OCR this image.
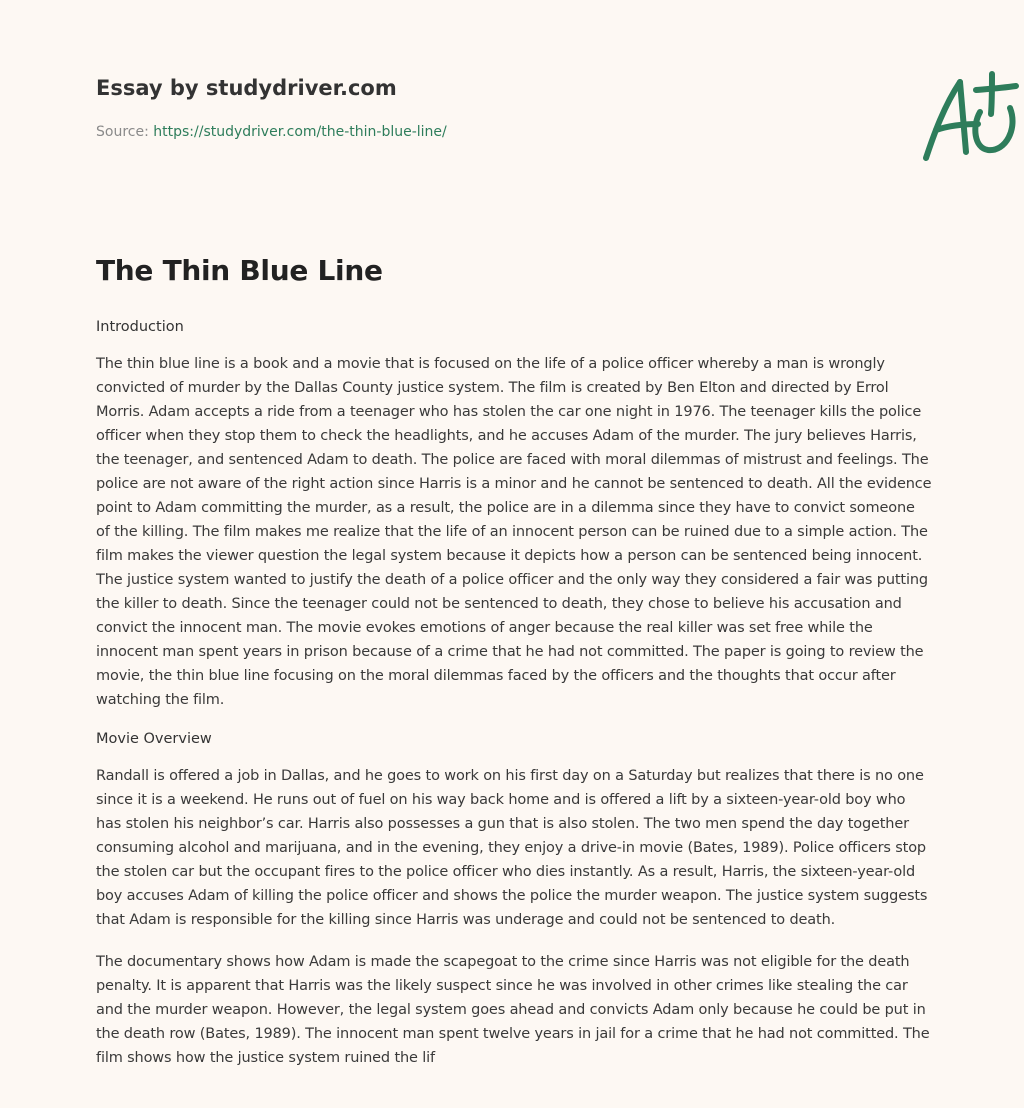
Essay by studydriver.com
Source: https://studydriver.com/the-thin-blue-line/
The Thin Blue Line

Introduction

The thin blue line is a book and a movie that is focused on the life of a police officer whereby a man is wrongly convicted of murder by the Dallas County justice system. The film is created by Ben Elton and directed by Errol Morris. Adam accepts a ride from a teenager who has stolen the car one night in 1976. The teenager kills the police officer when they stop them to check the headlights, and he accuses Adam of the murder. The jury believes Harris, the teenager, and sentenced Adam to death. The police are faced with moral dilemmas of mistrust and feelings. The police are not aware of the right action since Harris is a minor and he cannot be sentenced to death. All the evidence point to Adam committing the murder, as a result, the police are in a dilemma since they have to convict someone of the killing. The film makes me realize that the life of an innocent person can be ruined due to a simple action. The film makes the viewer question the legal system because it depicts how a person can be sentenced being innocent. The justice system wanted to justify the death of a police officer and the only way they considered a fair was putting the killer to death. Since the teenager could not be sentenced to death, they chose to believe his accusation and convict the innocent man. The movie evokes emotions of anger because the real killer was set free while the innocent man spent years in prison because of a crime that he had not committed. The paper is going to review the movie, the thin blue line focusing on the moral dilemmas faced by the officers and the thoughts that occur after watching the film.

Movie Overview

Randall is offered a job in Dallas, and he goes to work on his first day on a Saturday but realizes that there is no one since it is a weekend. He runs out of fuel on his way back home and is offered a lift by a sixteen-year-old boy who has stolen his neighbor’s car. Harris also possesses a gun that is also stolen. The two men spend the day together consuming alcohol and marijuana, and in the evening, they enjoy a drive-in movie (Bates, 1989). Police officers stop the stolen car but the occupant fires to the police officer who dies instantly. As a result, Harris, the sixteen-year-old boy accuses Adam of killing the police officer and shows the police the murder weapon. The justice system suggests that Adam is responsible for the killing since Harris was underage and could not be sentenced to death.

The documentary shows how Adam is made the scapegoat to the crime since Harris was not eligible for the death penalty. It is apparent that Harris was the likely suspect since he was involved in other crimes like stealing the car and the murder weapon. However, the legal system goes ahead and convicts Adam only because he could be put in the death row (Bates, 1989). The innocent man spent twelve years in jail for a crime that he had not committed. The film shows how the justice system ruined the lif
